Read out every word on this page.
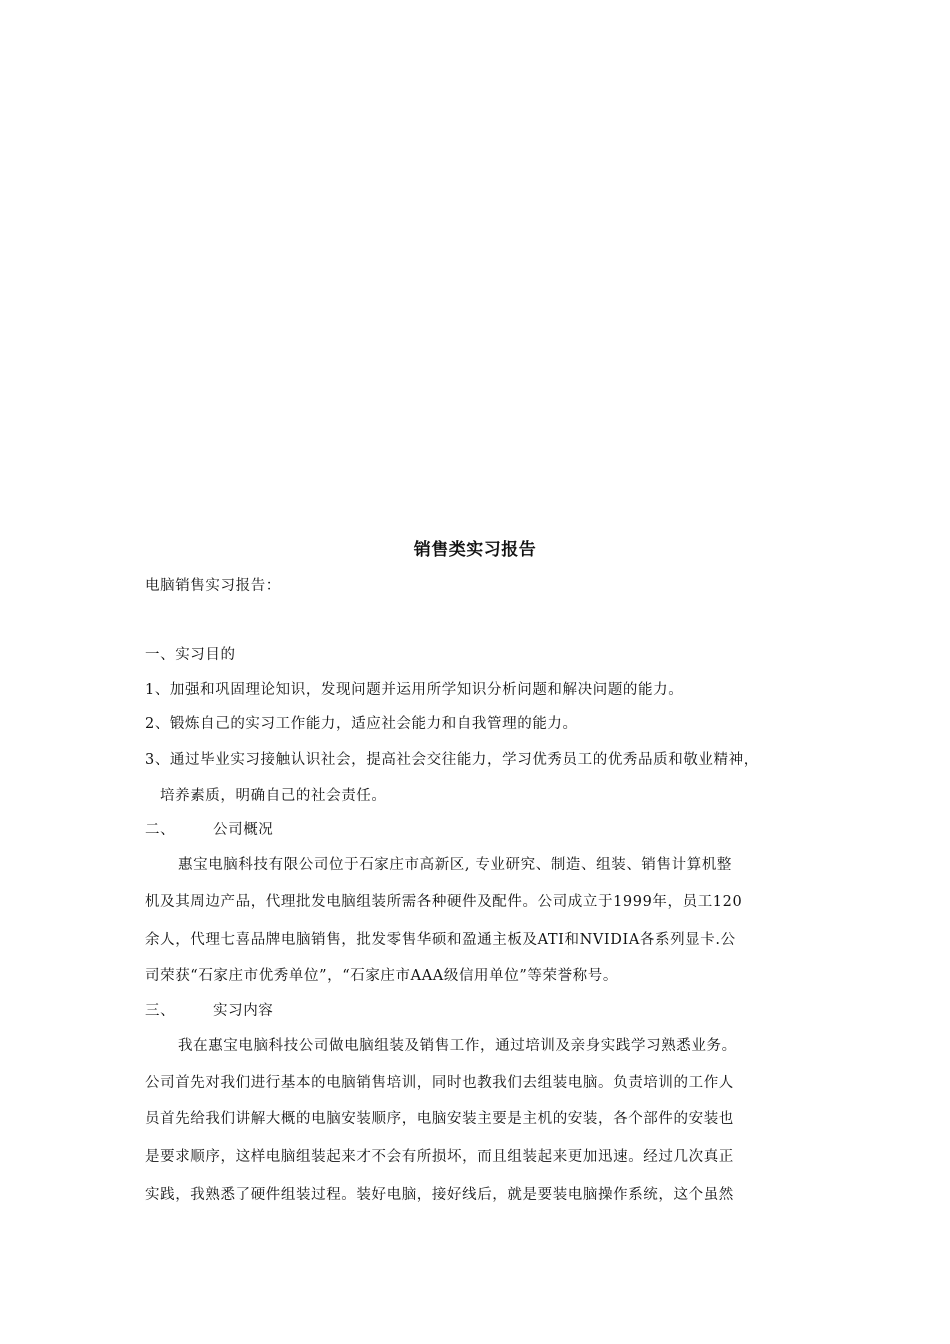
销售类实习报告
电脑销售实习报告：
一、实习目的
1、加强和巩固理论知识，发现问题并运用所学知识分析问题和解决问题的能力。
2、锻炼自己的实习工作能力，适应社会能力和自我管理的能力。
3、通过毕业实习接触认识社会，提高社会交往能力，学习优秀员工的优秀品质和敬业精神，
培养素质，明确自己的社会责任。
二、	公司概况
惠宝电脑科技有限公司位于石家庄市高新区, 专业研究、制造、组装、销售计算机整
机及其周边产品，代理批发电脑组装所需各种硬件及配件。公司成立于1999年，员工120
余人，代理七喜品牌电脑销售，批发零售华硕和盈通主板及ATI和NVIDIA各系列显卡.公
司荣获“石家庄市优秀单位”，“石家庄市AAA级信用单位”等荣誉称号。
三、	实习内容
我在惠宝电脑科技公司做电脑组装及销售工作，通过培训及亲身实践学习熟悉业务。
公司首先对我们进行基本的电脑销售培训，同时也教我们去组装电脑。负责培训的工作人
员首先给我们讲解大概的电脑安装顺序，电脑安装主要是主机的安装，各个部件的安装也
是要求顺序，这样电脑组装起来才不会有所损坏，而且组装起来更加迅速。经过几次真正
实践，我熟悉了硬件组装过程。装好电脑，接好线后，就是要装电脑操作系统，这个虽然
